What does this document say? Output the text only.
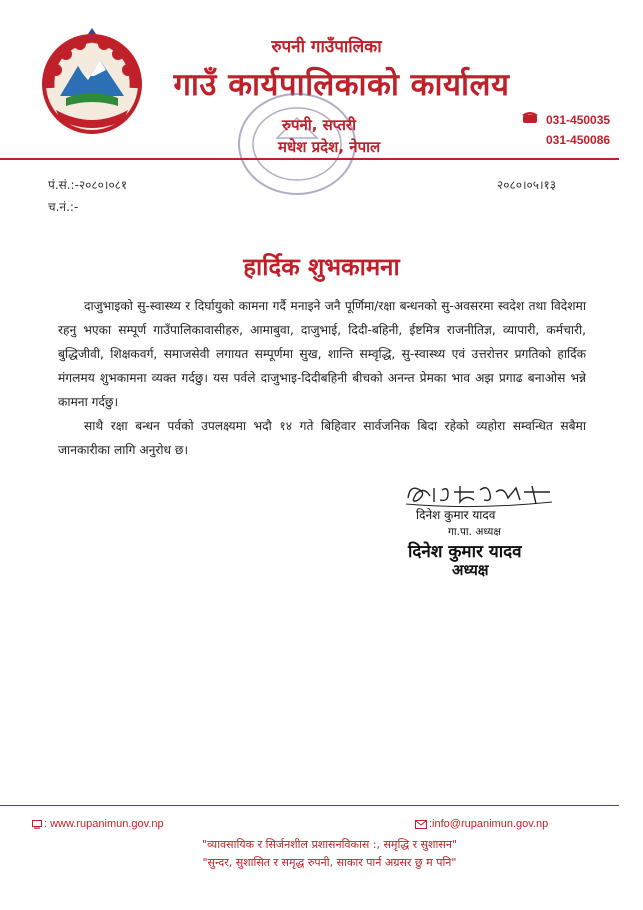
रुपनी गाउँपालिका
गाउँ कार्यपालिकाको कार्यालय
रुपनी, सप्तरी
मधेश प्रदेश, नेपाल
031-450035
031-450086
पं.सं.:-२०८०।०८१
च.नं.:-
२०८०।०५।१३
हार्दिक शुभकामना
दाजुभाइको सु-स्वास्थ्य र दिर्घायुको कामना गर्दै मनाइने जनै पूर्णिमा/रक्षा बन्धनको सु-अवसरमा स्वदेश तथा विदेशमा रहनु भएका सम्पूर्ण गाउँपालिकावासीहरु, आमाबुवा, दाजुभाई, दिदी-बहिनी, ईष्टमित्र राजनीतिज्ञ, व्यापारी, कर्मचारी, बुद्धिजीवी, शिक्षकवर्ग, समाजसेवी लगायत सम्पूर्णमा सुख, शान्ति सम्वृद्धि, सु-स्वास्थ्य एवं उत्तरोत्तर प्रगतिको हार्दिक मंगलमय शुभकामना व्यक्त गर्दछु। यस पर्वले दाजुभाइ-दिदीबहिनी बीचको अनन्त प्रेमका भाव अझ प्रगाढ बनाओस भन्ने कामना गर्दछु।
साथै रक्षा बन्धन पर्वको उपलक्ष्यमा भदौ १४ गते बिहिवार सार्वजनिक बिदा रहेको व्यहोरा सम्वन्धित सबैमा जानकारीका लागि अनुरोध छ।
दिनेश कुमार यादव
गा.पा. अध्यक्ष
दिनेश कुमार यादव
अध्यक्ष
: www.rupanimun.gov.np	:info@rupanimun.gov.np
"व्यावसायिक र सिर्जनशील प्रशासनविकास :, समृद्धि र सुशासन"
"सुन्दर, सुशासित र समृद्ध रुपनी, साकार पार्न अग्रसर छु म पनि"
